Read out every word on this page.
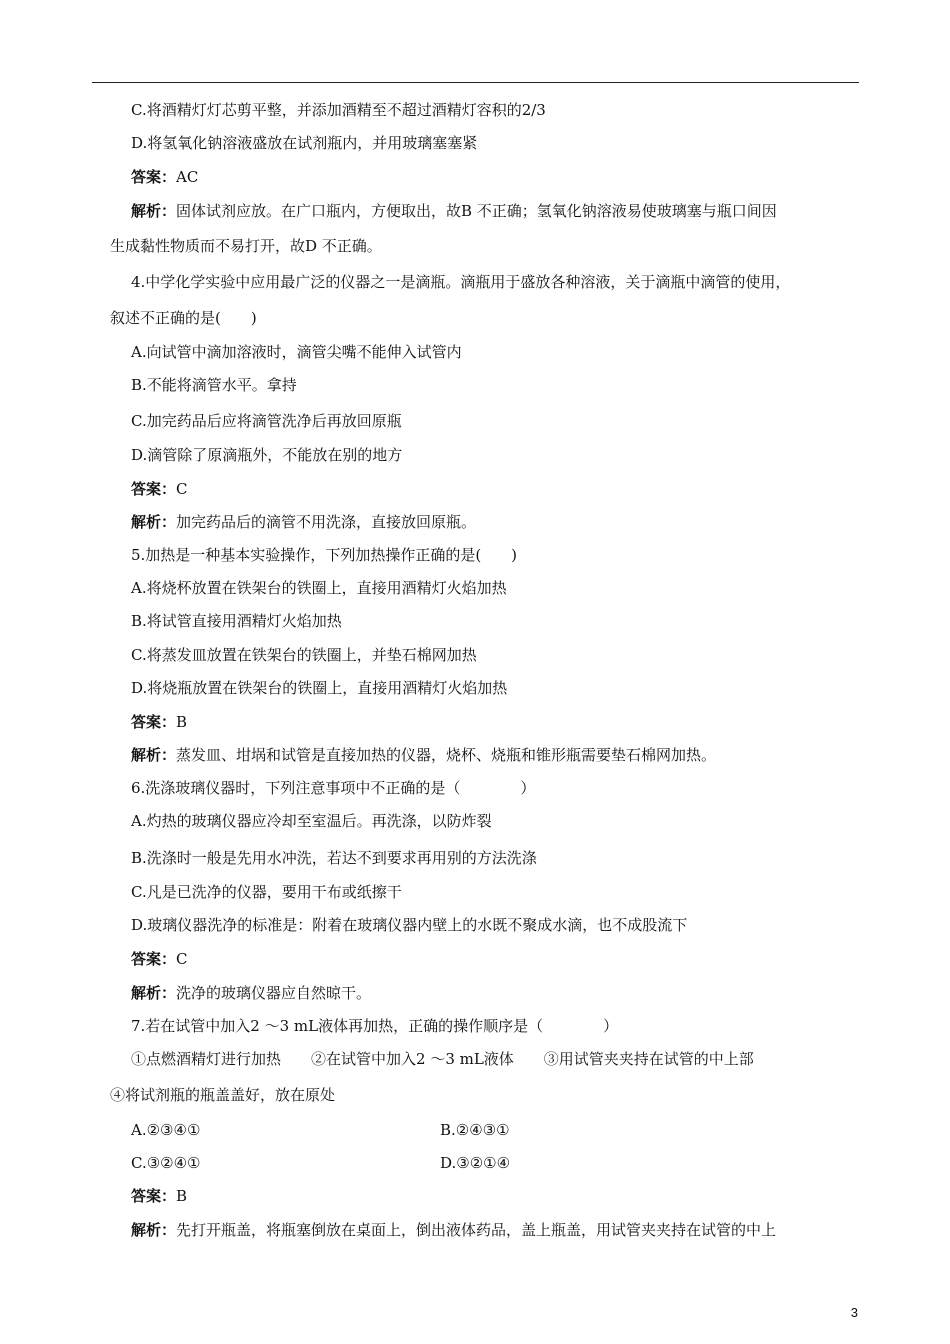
C.将酒精灯灯芯剪平整，并添加酒精至不超过酒精灯容积的2/3
D.将氢氧化钠溶液盛放在试剂瓶内，并用玻璃塞塞紧
答案：AC
解析：固体试剂应放。在广口瓶内，方便取出，故B 不正确；氢氧化钠溶液易使玻璃塞与瓶口间因
生成黏性物质而不易打开，故D 不正确。
4.中学化学实验中应用最广泛的仪器之一是滴瓶。滴瓶用于盛放各种溶液，关于滴瓶中滴管的使用，
叙述不正确的是(　　)
A.向试管中滴加溶液时，滴管尖嘴不能伸入试管内
B.不能将滴管水平。拿持
C.加完药品后应将滴管洗净后再放回原瓶
D.滴管除了原滴瓶外，不能放在别的地方
答案：C
解析：加完药品后的滴管不用洗涤，直接放回原瓶。
5.加热是一种基本实验操作，下列加热操作正确的是(　　)
A.将烧杯放置在铁架台的铁圈上，直接用酒精灯火焰加热
B.将试管直接用酒精灯火焰加热
C.将蒸发皿放置在铁架台的铁圈上，并垫石棉网加热
D.将烧瓶放置在铁架台的铁圈上，直接用酒精灯火焰加热
答案：B
解析：蒸发皿、坩埚和试管是直接加热的仪器，烧杯、烧瓶和锥形瓶需要垫石棉网加热。
6.洗涤玻璃仪器时，下列注意事项中不正确的是（　　　　）
A.灼热的玻璃仪器应冷却至室温后。再洗涤，以防炸裂
B.洗涤时一般是先用水冲洗，若达不到要求再用别的方法洗涤
C.凡是已洗净的仪器，要用干布或纸擦干
D.玻璃仪器洗净的标准是：附着在玻璃仪器内壁上的水既不聚成水滴，也不成股流下
答案：C
解析：洗净的玻璃仪器应自然晾干。
7.若在试管中加入2 ～3 mL液体再加热，正确的操作顺序是（　　　　）
①点燃酒精灯进行加热　　②在试管中加入2 ～3 mL液体　　③用试管夹夹持在试管的中上部
④将试剂瓶的瓶盖盖好，放在原处
A.②③④①	B.②④③①
C.③②④①	D.③②①④
答案：B
解析：先打开瓶盖，将瓶塞倒放在桌面上，倒出液体药品，盖上瓶盖，用试管夹夹持在试管的中上
3
